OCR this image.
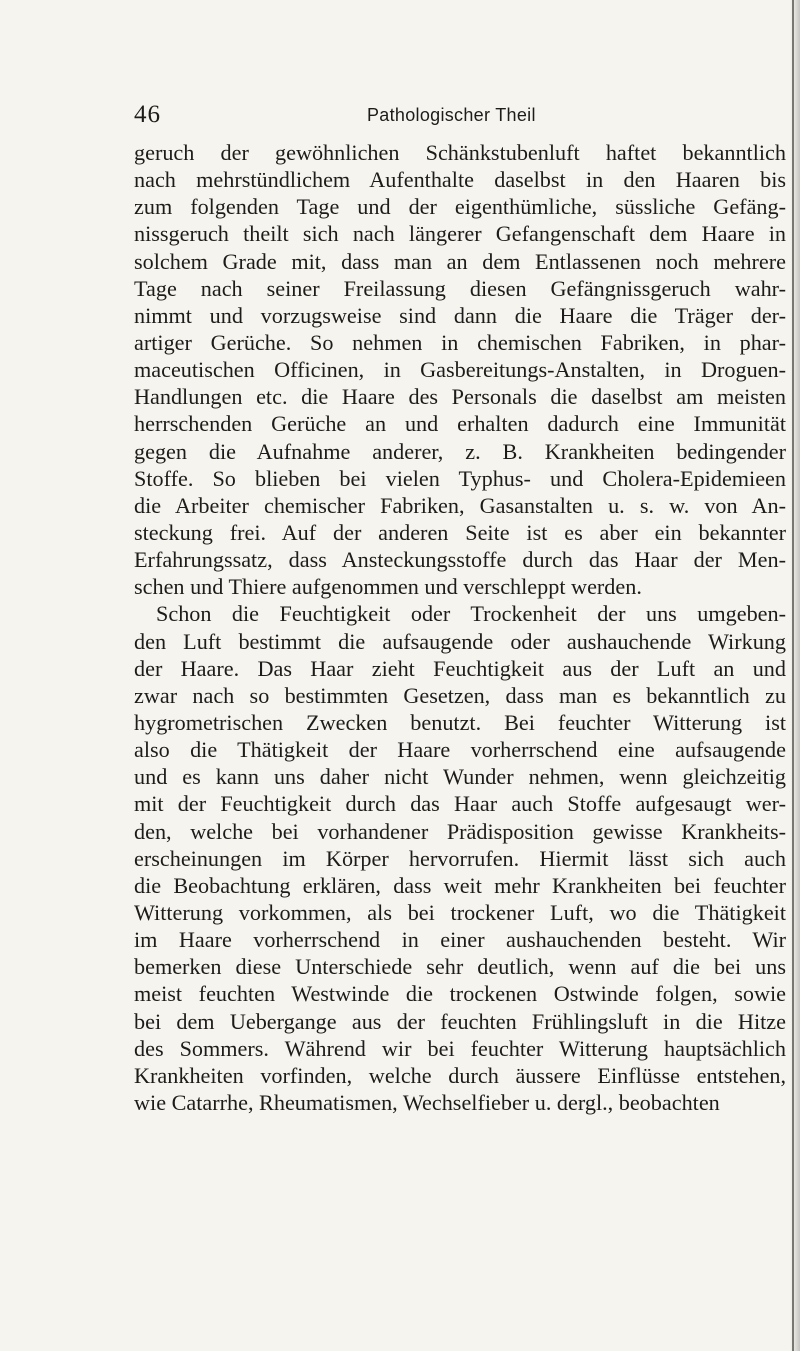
46	Pathologischer Theil
geruch der gewöhnlichen Schänkstubenluft haftet bekanntlich
nach mehrstündlichem Aufenthalte daselbst in den Haaren bis
zum folgenden Tage und der eigenthümliche, süssliche Gefäng-
nissgeruch theilt sich nach längerer Gefangenschaft dem Haare in
solchem Grade mit, dass man an dem Entlassenen noch mehrere
Tage nach seiner Freilassung diesen Gefängnissgeruch wahr-
nimmt und vorzugsweise sind dann die Haare die Träger der-
artiger Gerüche. So nehmen in chemischen Fabriken, in phar-
maceutischen Officinen, in Gasbereitungs-Anstalten, in Droguen-
Handlungen etc. die Haare des Personals die daselbst am meisten
herrschenden Gerüche an und erhalten dadurch eine Immunität
gegen die Aufnahme anderer, z. B. Krankheiten bedingender
Stoffe. So blieben bei vielen Typhus- und Cholera-Epidemieen
die Arbeiter chemischer Fabriken, Gasanstalten u. s. w. von An-
steckung frei. Auf der anderen Seite ist es aber ein bekannter
Erfahrungssatz, dass Ansteckungsstoffe durch das Haar der Men-
schen und Thiere aufgenommen und verschleppt werden.
Schon die Feuchtigkeit oder Trockenheit der uns umgeben-
den Luft bestimmt die aufsaugende oder aushauchende Wirkung
der Haare. Das Haar zieht Feuchtigkeit aus der Luft an und
zwar nach so bestimmten Gesetzen, dass man es bekanntlich zu
hygrometrischen Zwecken benutzt. Bei feuchter Witterung ist
also die Thätigkeit der Haare vorherrschend eine aufsaugende
und es kann uns daher nicht Wunder nehmen, wenn gleichzeitig
mit der Feuchtigkeit durch das Haar auch Stoffe aufgesaugt wer-
den, welche bei vorhandener Prädisposition gewisse Krankheits-
erscheinungen im Körper hervorrufen. Hiermit lässt sich auch
die Beobachtung erklären, dass weit mehr Krankheiten bei feuchter
Witterung vorkommen, als bei trockener Luft, wo die Thätigkeit
im Haare vorherrschend in einer aushauchenden besteht. Wir
bemerken diese Unterschiede sehr deutlich, wenn auf die bei uns
meist feuchten Westwinde die trockenen Ostwinde folgen, sowie
bei dem Uebergange aus der feuchten Frühlingsluft in die Hitze
des Sommers. Während wir bei feuchter Witterung hauptsächlich
Krankheiten vorfinden, welche durch äussere Einflüsse entstehen,
wie Catarrhe, Rheumatismen, Wechselfieber u. dergl., beobachten
